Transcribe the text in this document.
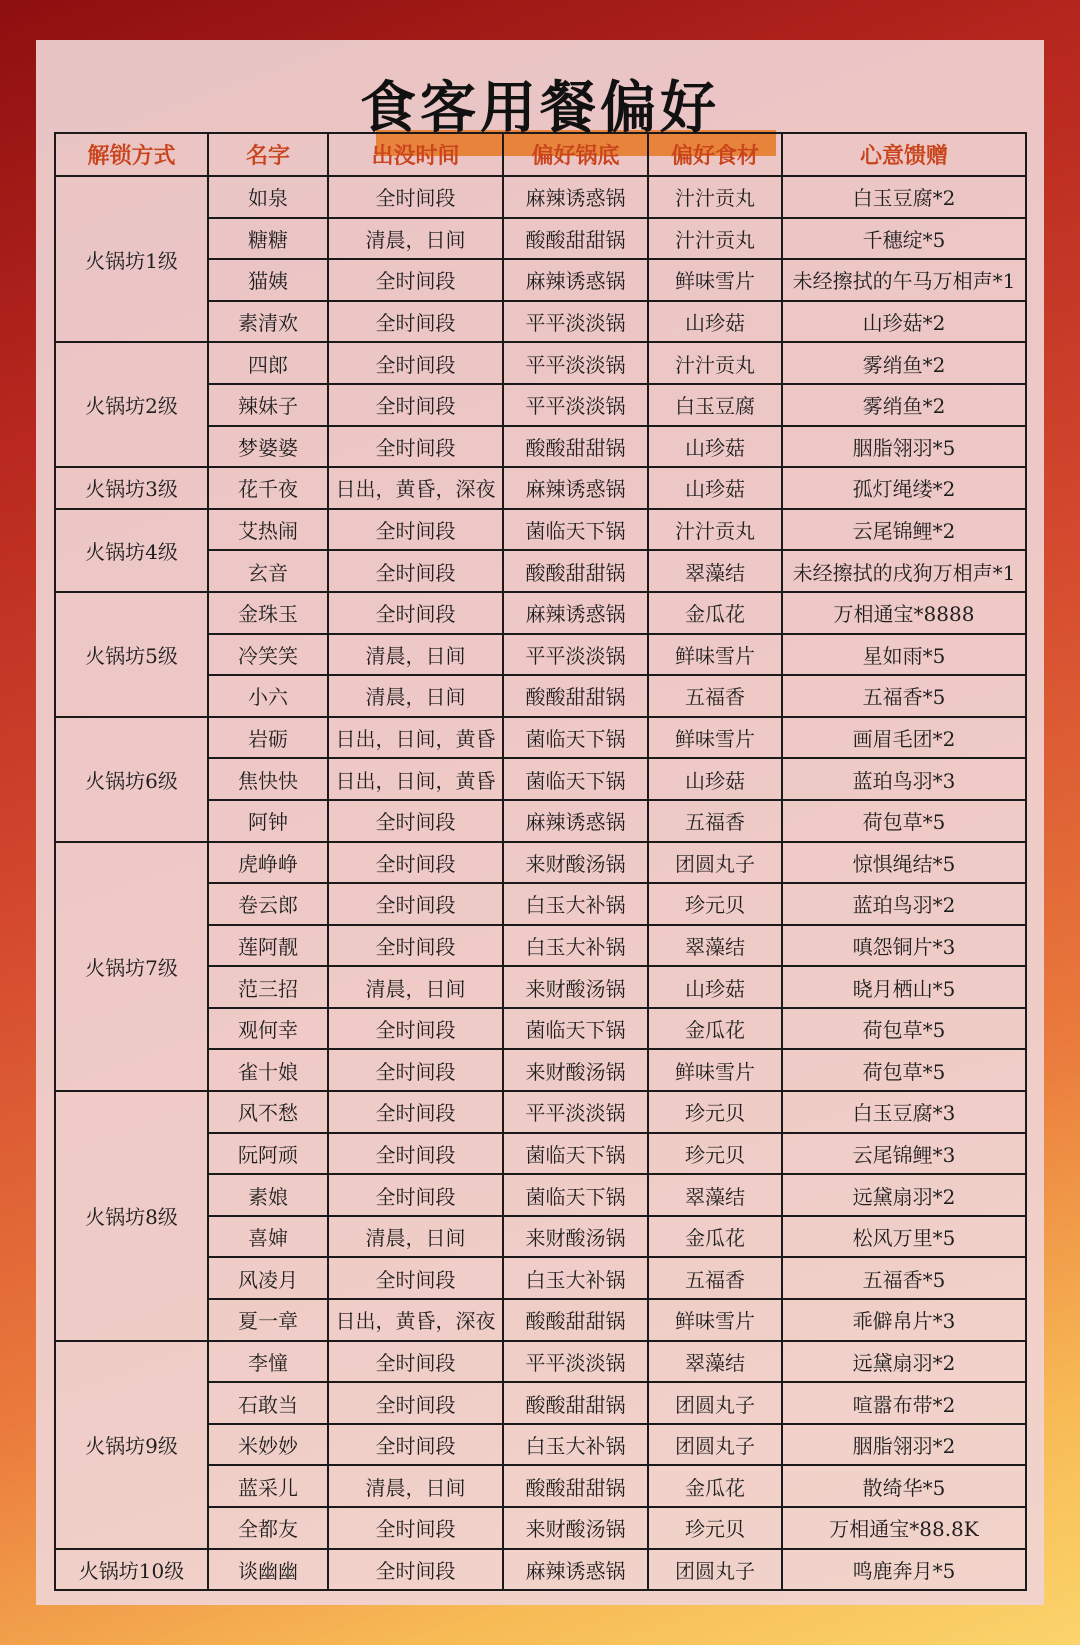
食客用餐偏好
解锁方式	名字	出没时间	偏好锅底	偏好食材	心意馈赠
火锅坊1级	如泉	全时间段	麻辣诱惑锅	汁汁贡丸	白玉豆腐*2
	糖糖	清晨，日间	酸酸甜甜锅	汁汁贡丸	千穗绽*5
	猫姨	全时间段	麻辣诱惑锅	鲜味雪片	未经擦拭的午马万相声*1
	素清欢	全时间段	平平淡淡锅	山珍菇	山珍菇*2
火锅坊2级	四郎	全时间段	平平淡淡锅	汁汁贡丸	雾绡鱼*2
	辣妹子	全时间段	平平淡淡锅	白玉豆腐	雾绡鱼*2
	梦婆婆	全时间段	酸酸甜甜锅	山珍菇	胭脂翎羽*5
火锅坊3级	花千夜	日出，黄昏，深夜	麻辣诱惑锅	山珍菇	孤灯绳缕*2
火锅坊4级	艾热闹	全时间段	菌临天下锅	汁汁贡丸	云尾锦鲤*2
	玄音	全时间段	酸酸甜甜锅	翠藻结	未经擦拭的戌狗万相声*1
火锅坊5级	金珠玉	全时间段	麻辣诱惑锅	金瓜花	万相通宝*8888
	冷笑笑	清晨，日间	平平淡淡锅	鲜味雪片	星如雨*5
	小六	清晨，日间	酸酸甜甜锅	五福香	五福香*5
火锅坊6级	岩砺	日出，日间，黄昏	菌临天下锅	鲜味雪片	画眉毛团*2
	焦快快	日出，日间，黄昏	菌临天下锅	山珍菇	蓝珀鸟羽*3
	阿钟	全时间段	麻辣诱惑锅	五福香	荷包草*5
火锅坊7级	虎峥峥	全时间段	来财酸汤锅	团圆丸子	惊惧绳结*5
	卷云郎	全时间段	白玉大补锅	珍元贝	蓝珀鸟羽*2
	莲阿靓	全时间段	白玉大补锅	翠藻结	嗔怨铜片*3
	范三招	清晨，日间	来财酸汤锅	山珍菇	晓月栖山*5
	观何幸	全时间段	菌临天下锅	金瓜花	荷包草*5
	雀十娘	全时间段	来财酸汤锅	鲜味雪片	荷包草*5
火锅坊8级	风不愁	全时间段	平平淡淡锅	珍元贝	白玉豆腐*3
	阮阿顽	全时间段	菌临天下锅	珍元贝	云尾锦鲤*3
	素娘	全时间段	菌临天下锅	翠藻结	远黛扇羽*2
	喜婶	清晨，日间	来财酸汤锅	金瓜花	松风万里*5
	风凌月	全时间段	白玉大补锅	五福香	五福香*5
	夏一章	日出，黄昏，深夜	酸酸甜甜锅	鲜味雪片	乖僻帛片*3
火锅坊9级	李憧	全时间段	平平淡淡锅	翠藻结	远黛扇羽*2
	石敢当	全时间段	酸酸甜甜锅	团圆丸子	喧嚣布带*2
	米妙妙	全时间段	白玉大补锅	团圆丸子	胭脂翎羽*2
	蓝采儿	清晨，日间	酸酸甜甜锅	金瓜花	散绮华*5
	全都友	全时间段	来财酸汤锅	珍元贝	万相通宝*88.8K
火锅坊10级	谈幽幽	全时间段	麻辣诱惑锅	团圆丸子	鸣鹿奔月*5
